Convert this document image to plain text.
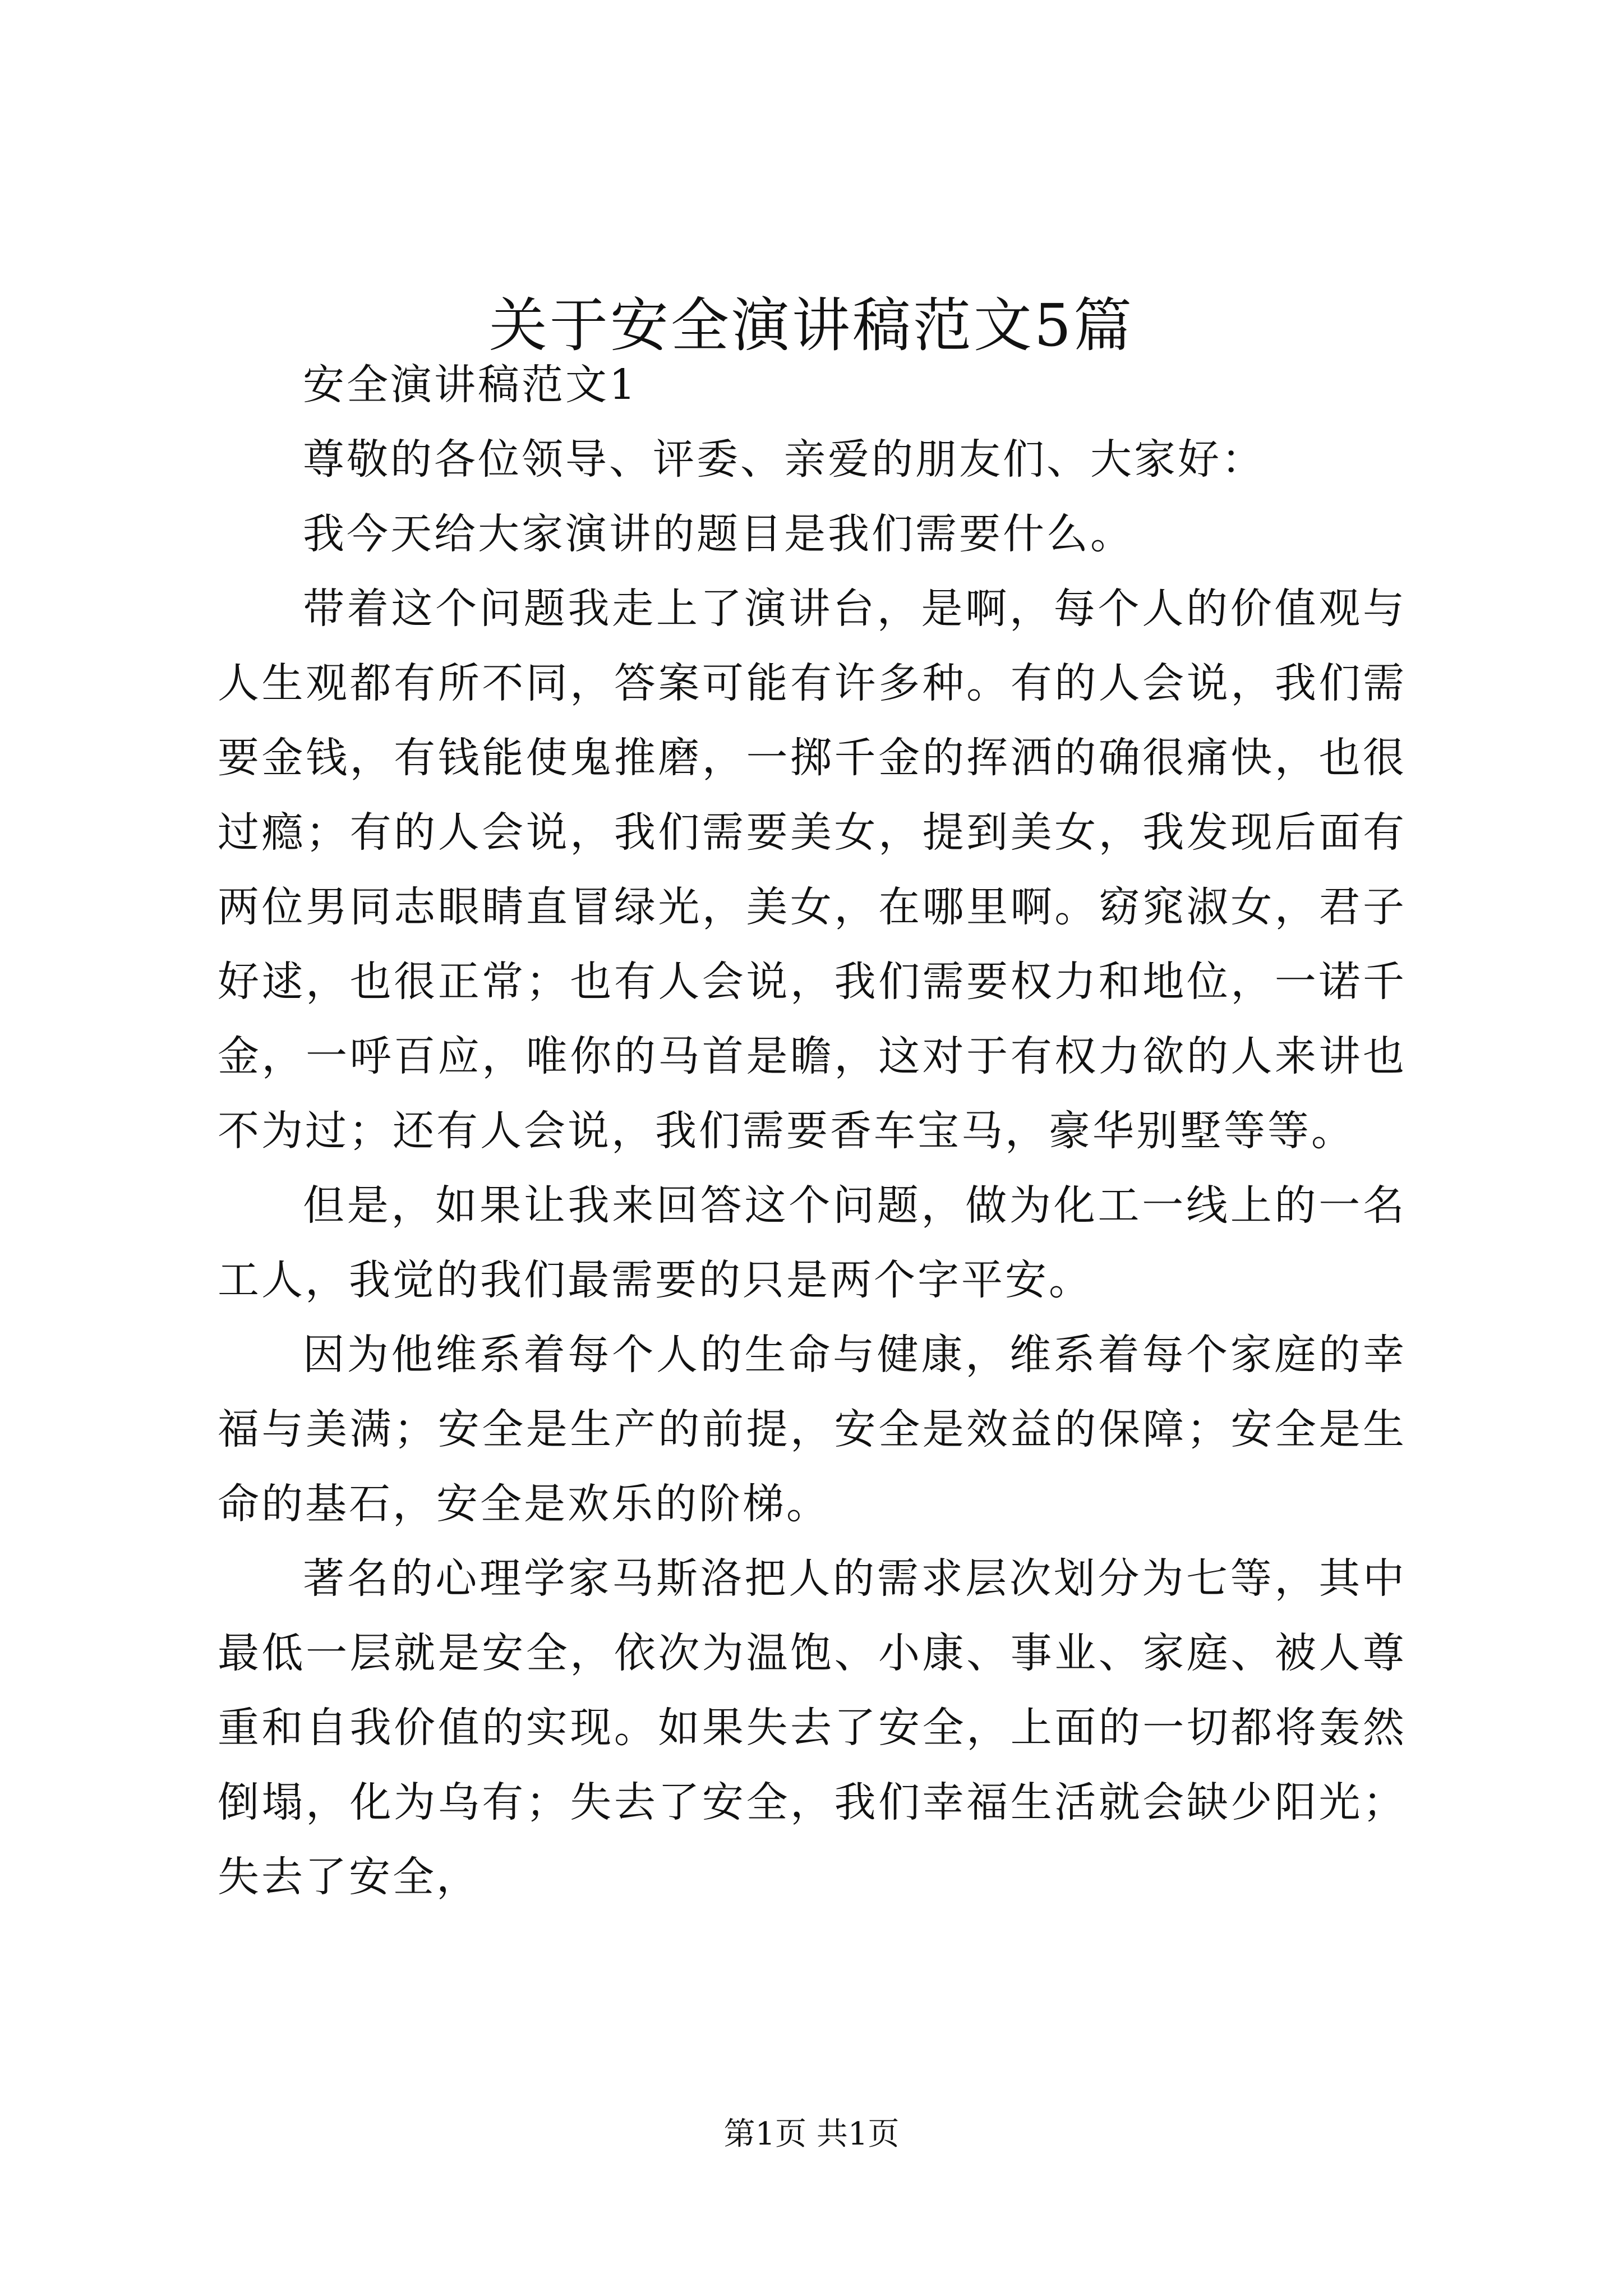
关于安全演讲稿范文5篇

安全演讲稿范文1

尊敬的各位领导、评委、亲爱的朋友们、大家好：

我今天给大家演讲的题目是我们需要什么。

带着这个问题我走上了演讲台，是啊，每个人的价值观与人生观都有所不同，答案可能有许多种。有的人会说，我们需要金钱，有钱能使鬼推磨，一掷千金的挥洒的确很痛快，也很过瘾；有的人会说，我们需要美女，提到美女，我发现后面有两位男同志眼睛直冒绿光，美女，在哪里啊。窈窕淑女，君子好逑，也很正常；也有人会说，我们需要权力和地位，一诺千金，一呼百应，唯你的马首是瞻，这对于有权力欲的人来讲也不为过；还有人会说，我们需要香车宝马，豪华别墅等等。

但是，如果让我来回答这个问题，做为化工一线上的一名工人，我觉的我们最需要的只是两个字平安。

因为他维系着每个人的生命与健康，维系着每个家庭的幸福与美满；安全是生产的前提，安全是效益的保障；安全是生命的基石，安全是欢乐的阶梯。

著名的心理学家马斯洛把人的需求层次划分为七等，其中最低一层就是安全，依次为温饱、小康、事业、家庭、被人尊重和自我价值的实现。如果失去了安全，上面的一切都将轰然倒塌，化为乌有；失去了安全，我们幸福生活就会缺少阳光；失去了安全，

第1页 共1页
